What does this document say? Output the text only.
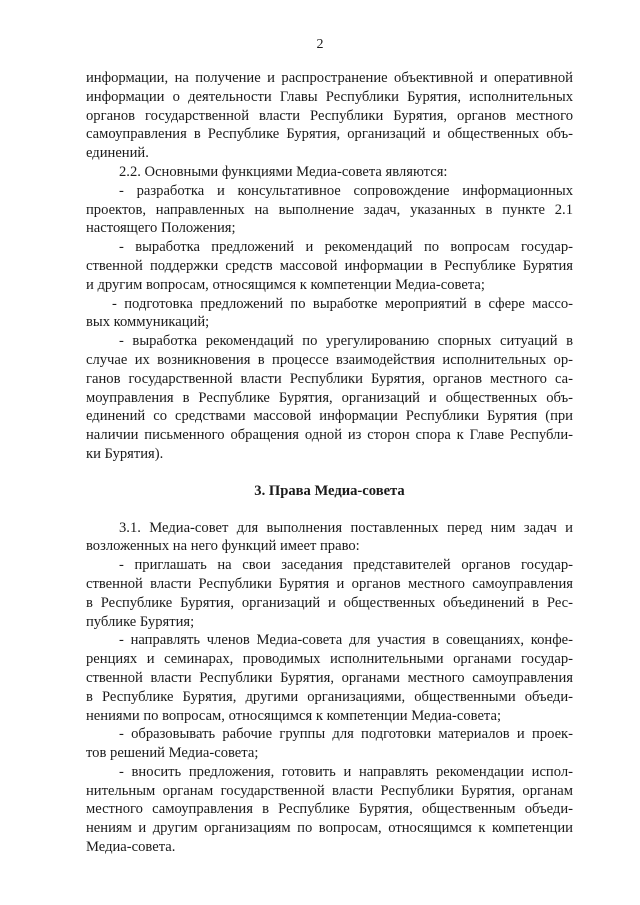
2
информации, на получение и распространение объективной и оперативной
информации о деятельности Главы Республики Бурятия, исполнительных
органов государственной власти Республики Бурятия, органов местного
самоуправления в Республике Бурятия, организаций и общественных объ-
единений.
2.2. Основными функциями Медиа-совета являются:
- разработка и консультативное сопровождение информационных
проектов, направленных на выполнение задач, указанных в пункте 2.1
настоящего Положения;
- выработка предложений и рекомендаций по вопросам государ-
ственной поддержки средств массовой информации в Республике Бурятия
и другим вопросам, относящимся к компетенции Медиа-совета;
- подготовка предложений по выработке мероприятий в сфере массо-
вых коммуникаций;
- выработка рекомендаций по урегулированию спорных ситуаций в
случае их возникновения в процессе взаимодействия исполнительных ор-
ганов государственной власти Республики Бурятия, органов местного са-
моуправления в Республике Бурятия, организаций и общественных объ-
единений со средствами массовой информации Республики Бурятия (при
наличии письменного обращения одной из сторон спора к Главе Республи-
ки Бурятия).
3. Права Медиа-совета
3.1. Медиа-совет для выполнения поставленных перед ним задач и
возложенных на него функций имеет право:
- приглашать на свои заседания представителей органов государ-
ственной власти Республики Бурятия и органов местного самоуправления
в Республике Бурятия, организаций и общественных объединений в Рес-
публике Бурятия;
- направлять членов Медиа-совета для участия в совещаниях, конфе-
ренциях и семинарах, проводимых исполнительными органами государ-
ственной власти Республики Бурятия, органами местного самоуправления
в Республике Бурятия, другими организациями, общественными объеди-
нениями по вопросам, относящимся к компетенции Медиа-совета;
- образовывать рабочие группы для подготовки материалов и проек-
тов решений Медиа-совета;
- вносить предложения, готовить и направлять рекомендации испол-
нительным органам государственной власти Республики Бурятия, органам
местного самоуправления в Республике Бурятия, общественным объеди-
нениям и другим организациям по вопросам, относящимся к компетенции
Медиа-совета.
